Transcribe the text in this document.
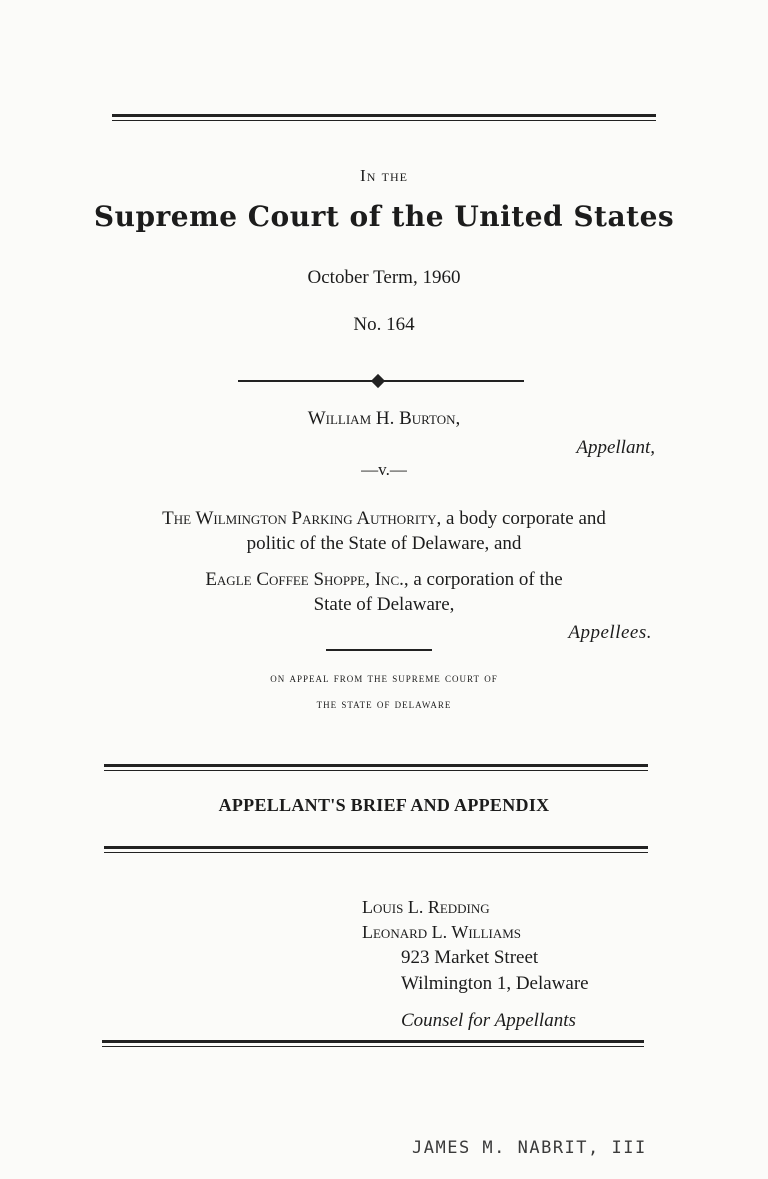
In the
Supreme Court of the United States
October Term, 1960
No. 164
William H. Burton,
Appellant,
—v.—
The Wilmington Parking Authority, a body corporate and
politic of the State of Delaware, and
Eagle Coffee Shoppe, Inc., a corporation of the
State of Delaware,
Appellees.
on appeal from the supreme court of
the state of delaware
APPELLANT'S BRIEF AND APPENDIX
Louis L. Redding
Leonard L. Williams
923 Market Street
Wilmington 1, Delaware
Counsel for Appellants
JAMES M. NABRIT, III
